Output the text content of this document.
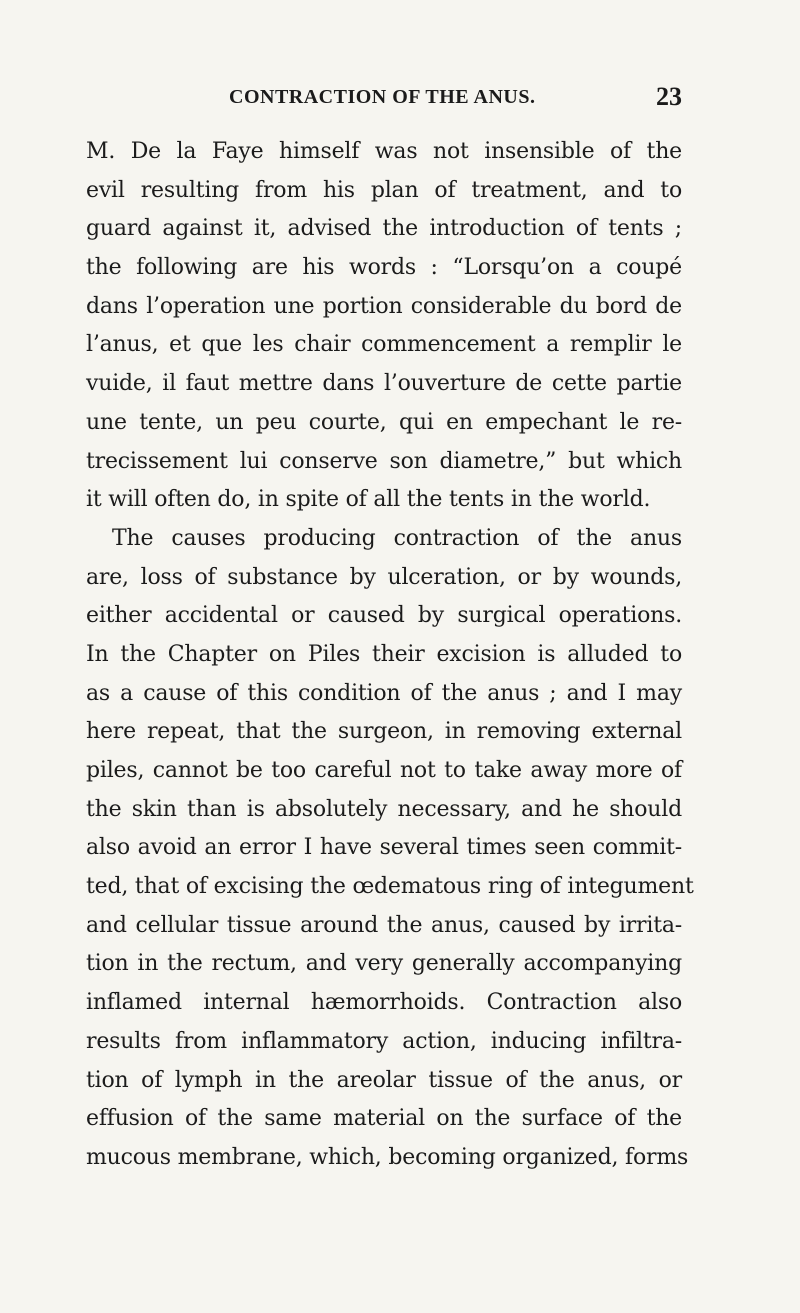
CONTRACTION OF THE ANUS.	23
M. De la Faye himself was not insensible of the
evil resulting from his plan of treatment, and to
guard against it, advised the introduction of tents ;
the following are his words : “Lorsqu’on a coupé
dans l’operation une portion considerable du bord de
l’anus, et que les chair commencement a remplir le
vuide, il faut mettre dans l’ouverture de cette partie
une tente, un peu courte, qui en empechant le re-
trecissement lui conserve son diametre,” but which
it will often do, in spite of all the tents in the world.
The causes producing contraction of the anus
are, loss of substance by ulceration, or by wounds,
either accidental or caused by surgical operations.
In the Chapter on Piles their excision is alluded to
as a cause of this condition of the anus ; and I may
here repeat, that the surgeon, in removing external
piles, cannot be too careful not to take away more of
the skin than is absolutely necessary, and he should
also avoid an error I have several times seen commit-
ted, that of excising the œdematous ring of integument
and cellular tissue around the anus, caused by irrita-
tion in the rectum, and very generally accompanying
inflamed internal hæmorrhoids. Contraction also
results from inflammatory action, inducing infiltra-
tion of lymph in the areolar tissue of the anus, or
effusion of the same material on the surface of the
mucous membrane, which, becoming organized, forms
